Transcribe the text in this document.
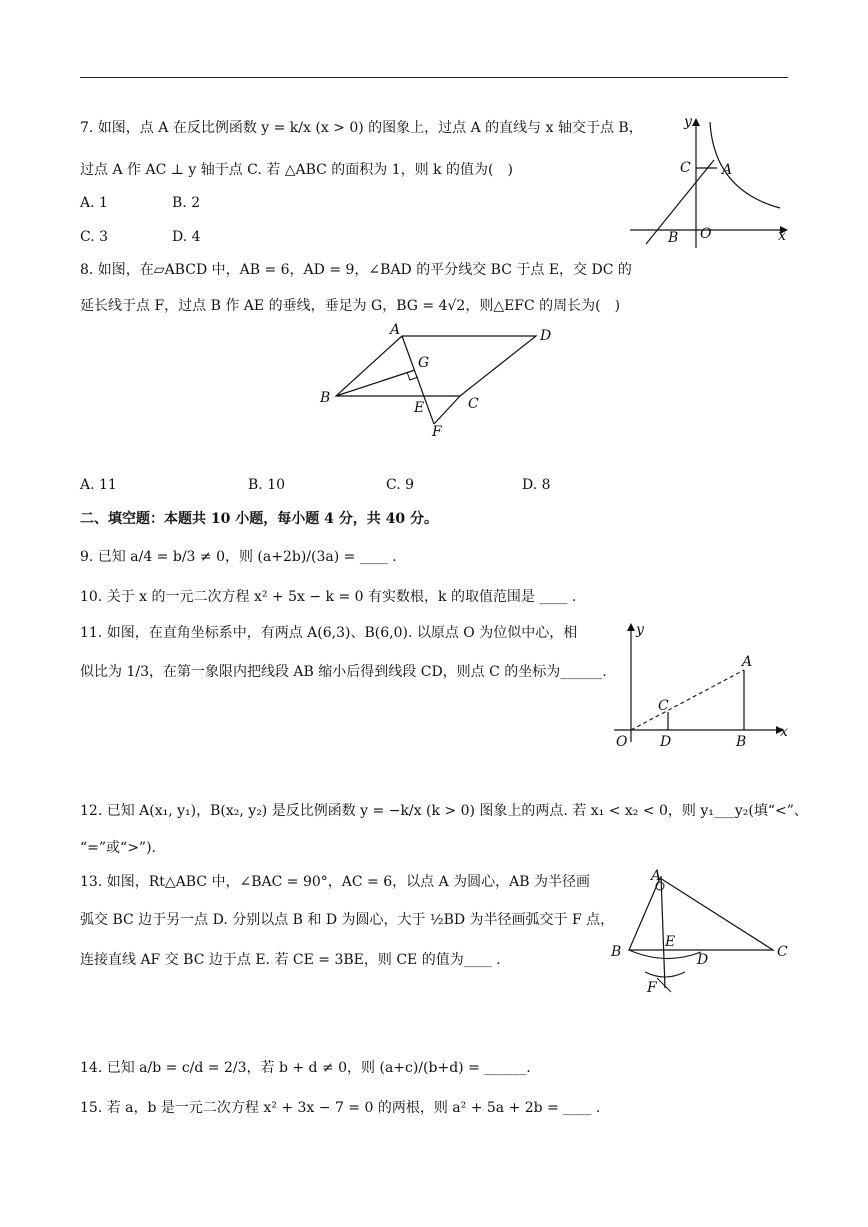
7. 如图，点 A 在反比例函数 y = k/x (x > 0) 的图象上，过点 A 的直线与 x 轴交于点 B，
过点 A 作 AC ⊥ y 轴于点 C. 若 △ABC 的面积为 1，则 k 的值为(　)
A. 1	B. 2
C. 3	D. 4
y
x
C A
B O
8. 如图，在▱ABCD 中，AB = 6，AD = 9，∠BAD 的平分线交 BC 于点 E，交 DC 的
延长线于点 F，过点 B 作 AE 的垂线，垂足为 G，BG = 4√2，则△EFC 的周长为(　)
A	D
G
B
E	C
F
A. 11	B. 10	C. 9	D. 8
二、填空题：本题共 10 小题，每小题 4 分，共 40 分。
9. 已知 a/4 = b/3 ≠ 0，则 (a+2b)/(3a) = ____ .
10. 关于 x 的一元二次方程 x² + 5x − k = 0 有实数根，k 的取值范围是 ____ .
11. 如图，在直角坐标系中，有两点 A(6,3)、B(6,0). 以原点 O 为位似中心，相
似比为 1/3，在第一象限内把线段 AB 缩小后得到线段 CD，则点 C 的坐标为______.
y
x
A
C
O D	B
12. 已知 A(x₁, y₁)，B(x₂, y₂) 是反比例函数 y = −k/x (k > 0) 图象上的两点. 若 x₁ < x₂ < 0，则 y₁___y₂(填“<”、
“=”或“>”).
13. 如图，Rt△ABC 中，∠BAC = 90°，AC = 6，以点 A 为圆心，AB 为半径画
弧交 BC 边于另一点 D. 分别以点 B 和 D 为圆心，大于 ½BD 为半径画弧交于 F 点，
连接直线 AF 交 BC 边于点 E. 若 CE = 3BE，则 CE 的值为____ .
A
B
E
D	C
F
14. 已知 a/b = c/d = 2/3，若 b + d ≠ 0，则 (a+c)/(b+d) = ______.
15. 若 a，b 是一元二次方程 x² + 3x − 7 = 0 的两根，则 a² + 5a + 2b = ____ .
